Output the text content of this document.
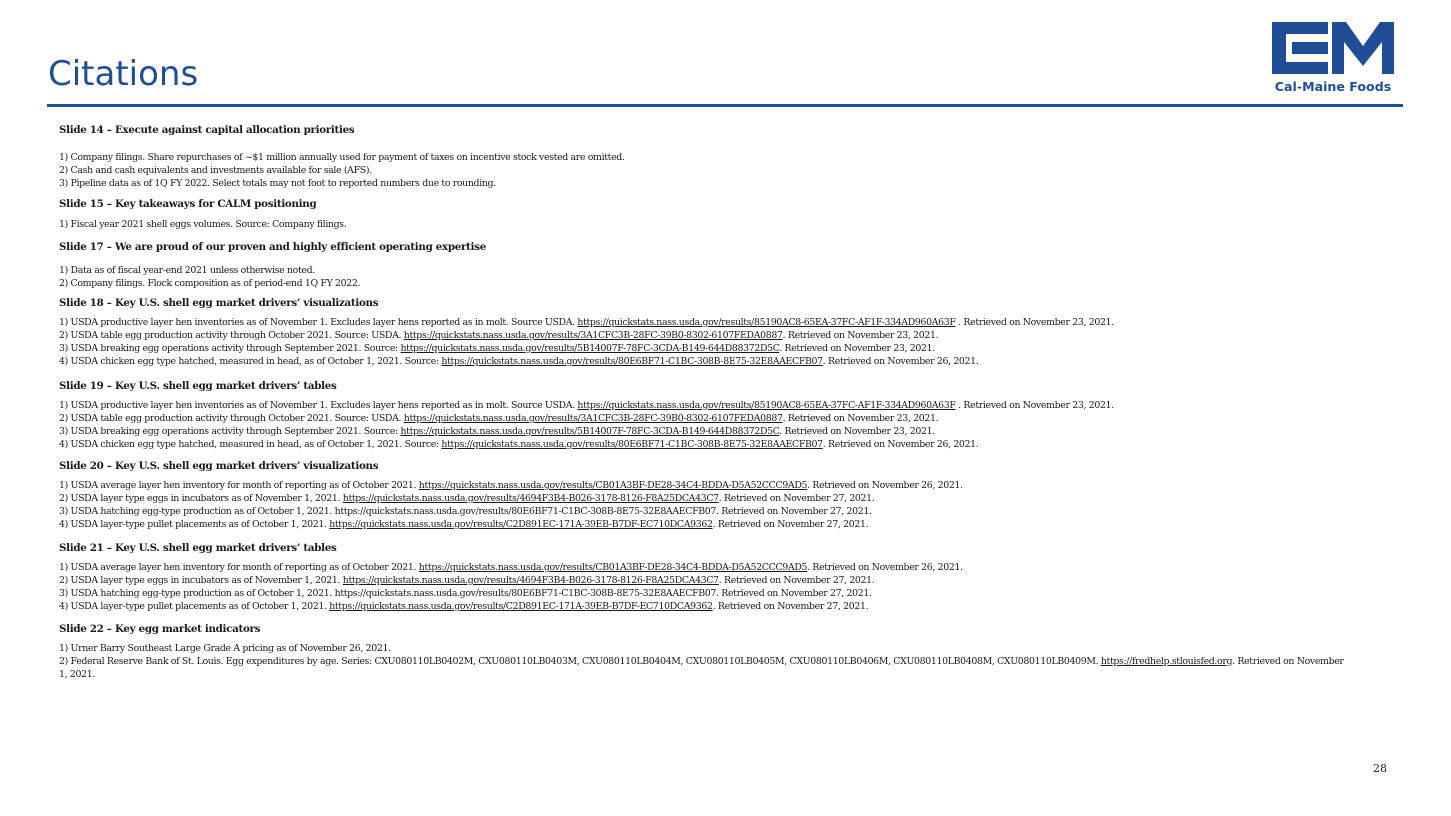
Citations	Cal-Maine Foods
Slide 14 – Execute against capital allocation priorities
1) Company filings. Share repurchases of ~$1 million annually used for payment of taxes on incentive stock vested are omitted.
2) Cash and cash equivalents and investments available for sale (AFS).
3) Pipeline data as of 1Q FY 2022. Select totals may not foot to reported numbers due to rounding.
Slide 15 – Key takeaways for CALM positioning
1) Fiscal year 2021 shell eggs volumes. Source: Company filings.
Slide 17 – We are proud of our proven and highly efficient operating expertise
1) Data as of fiscal year-end 2021 unless otherwise noted.
2) Company filings. Flock composition as of period-end 1Q FY 2022.
Slide 18 – Key U.S. shell egg market drivers’ visualizations
1) USDA productive layer hen inventories as of November 1. Excludes layer hens reported as in molt. Source USDA. https://quickstats.nass.usda.gov/results/85190AC8-65EA-37FC-AF1F-334AD960A63F . Retrieved on November 23, 2021.
2) USDA table egg production activity through October 2021. Source: USDA. https://quickstats.nass.usda.gov/results/3A1CFC3B-28FC-39B0-8302-6107FEDA0887. Retrieved on November 23, 2021.
3) USDA breaking egg operations activity through September 2021. Source: https://quickstats.nass.usda.gov/results/5B14007F-78FC-3CDA-B149-644D88372D5C. Retrieved on November 23, 2021.
4) USDA chicken egg type hatched, measured in head, as of October 1, 2021. Source: https://quickstats.nass.usda.gov/results/80E6BF71-C1BC-308B-8E75-32E8AAECFB07. Retrieved on November 26, 2021.
Slide 19 – Key U.S. shell egg market drivers’ tables
1) USDA productive layer hen inventories as of November 1. Excludes layer hens reported as in molt. Source USDA. https://quickstats.nass.usda.gov/results/85190AC8-65EA-37FC-AF1F-334AD960A63F . Retrieved on November 23, 2021.
2) USDA table egg production activity through October 2021. Source: USDA. https://quickstats.nass.usda.gov/results/3A1CFC3B-28FC-39B0-8302-6107FEDA0887. Retrieved on November 23, 2021.
3) USDA breaking egg operations activity through September 2021. Source: https://quickstats.nass.usda.gov/results/5B14007F-78FC-3CDA-B149-644D88372D5C. Retrieved on November 23, 2021.
4) USDA chicken egg type hatched, measured in head, as of October 1, 2021. Source: https://quickstats.nass.usda.gov/results/80E6BF71-C1BC-308B-8E75-32E8AAECFB07. Retrieved on November 26, 2021.
Slide 20 – Key U.S. shell egg market drivers’ visualizations
1) USDA average layer hen inventory for month of reporting as of October 2021. https://quickstats.nass.usda.gov/results/CB01A3BF-DE28-34C4-BDDA-D5A52CCC9AD5. Retrieved on November 26, 2021.
2) USDA layer type eggs in incubators as of November 1, 2021. https://quickstats.nass.usda.gov/results/4694F3B4-B026-3178-8126-F8A25DCA43C7. Retrieved on November 27, 2021.
3) USDA hatching egg-type production as of October 1, 2021. https://quickstats.nass.usda.gov/results/80E6BF71-C1BC-308B-8E75-32E8AAECFB07. Retrieved on November 27, 2021.
4) USDA layer-type pullet placements as of October 1, 2021. https://quickstats.nass.usda.gov/results/C2D891EC-171A-39EB-B7DF-EC710DCA9362. Retrieved on November 27, 2021.
Slide 21 – Key U.S. shell egg market drivers’ tables
1) USDA average layer hen inventory for month of reporting as of October 2021. https://quickstats.nass.usda.gov/results/CB01A3BF-DE28-34C4-BDDA-D5A52CCC9AD5. Retrieved on November 26, 2021.
2) USDA layer type eggs in incubators as of November 1, 2021. https://quickstats.nass.usda.gov/results/4694F3B4-B026-3178-8126-F8A25DCA43C7. Retrieved on November 27, 2021.
3) USDA hatching egg-type production as of October 1, 2021. https://quickstats.nass.usda.gov/results/80E6BF71-C1BC-308B-8E75-32E8AAECFB07. Retrieved on November 27, 2021.
4) USDA layer-type pullet placements as of October 1, 2021. https://quickstats.nass.usda.gov/results/C2D891EC-171A-39EB-B7DF-EC710DCA9362. Retrieved on November 27, 2021.
Slide 22 – Key egg market indicators
1) Urner Barry Southeast Large Grade A pricing as of November 26, 2021.
2) Federal Reserve Bank of St. Louis. Egg expenditures by age. Series: CXU080110LB0402M, CXU080110LB0403M, CXU080110LB0404M, CXU080110LB0405M, CXU080110LB0406M, CXU080110LB0408M, CXU080110LB0409M. https://fredhelp.stlouisfed.org. Retrieved on November 1, 2021.
28
